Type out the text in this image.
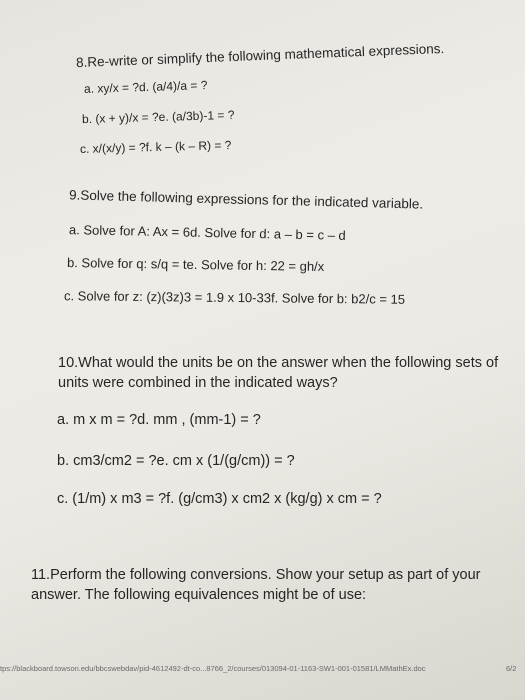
8.Re-write or simplify the following mathematical expressions.
a. xy/x = ?d. (a/4)/a = ?
b. (x + y)/x = ?e. (a/3b)-1 = ?
c. x/(x/y) = ?f. k – (k – R) = ?
9.Solve the following expressions for the indicated variable.
a. Solve for A: Ax = 6d. Solve for d: a – b = c – d
b. Solve for q: s/q = te. Solve for h: 22 = gh/x
c. Solve for z: (z)(3z)3 = 1.9 x 10-33f. Solve for b: b2/c = 15
10.What would the units be on the answer when the following sets of
units were combined in the indicated ways?
a. m x m = ?d. mm , (mm-1) = ?
b. cm3/cm2 = ?e. cm x (1/(g/cm)) = ?
c. (1/m) x m3 = ?f. (g/cm3) x cm2 x (kg/g) x cm = ?
11.Perform the following conversions. Show your setup as part of your
answer. The following equivalences might be of use:
tps://blackboard.towson.edu/bbcswebdav/pid-4612492-dt-co...8766_2/courses/013094-01-1163-SW1-001-01581/LMMathEx.doc	6/2
